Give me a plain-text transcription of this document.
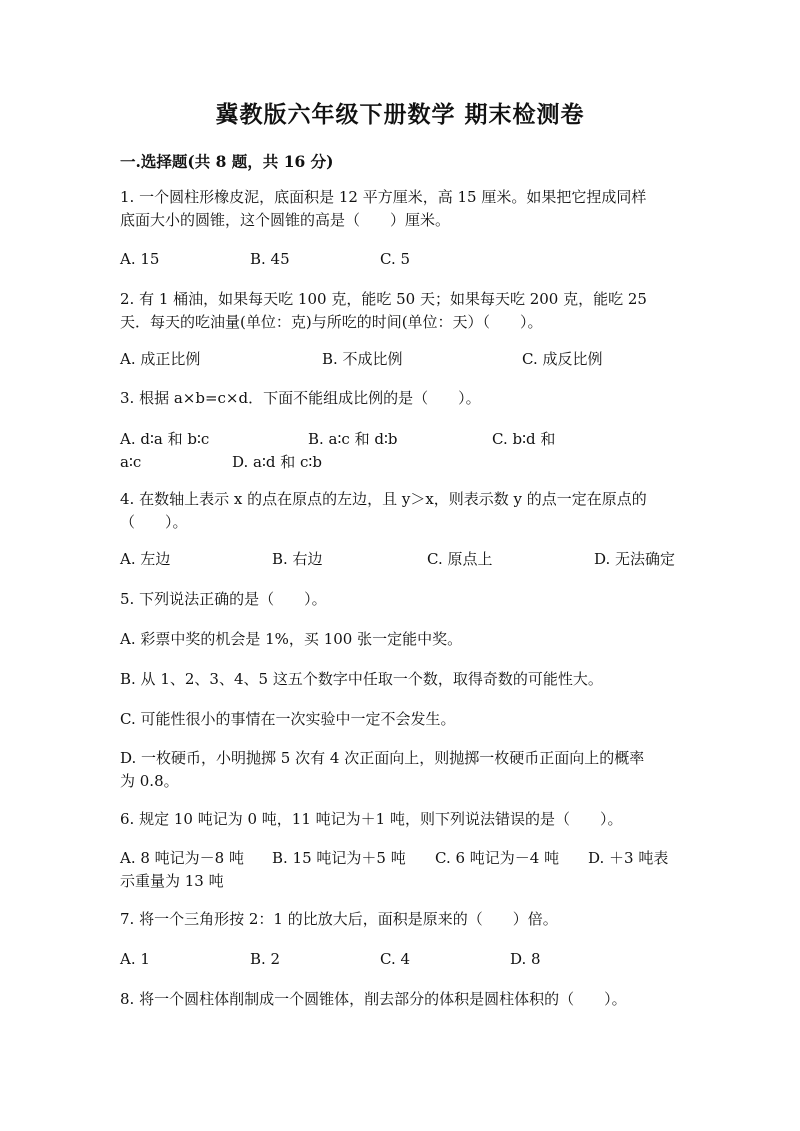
冀教版六年级下册数学 期末检测卷
一.选择题(共 8 题，共 16 分)
1. 一个圆柱形橡皮泥，底面积是 12 平方厘米，高 15 厘米。如果把它捏成同样
底面大小的圆锥，这个圆锥的高是（　　）厘米。
A. 15	B. 45	C. 5
2. 有 1 桶油，如果每天吃 100 克，能吃 50 天；如果每天吃 200 克，能吃 25
天．每天的吃油量(单位：克)与所吃的时间(单位：天）（　　）。
A. 成正比例	B. 不成比例	C. 成反比例
3. 根据 a×b=c×d．下面不能组成比例的是（　　）。
A. d∶a 和 b∶c	B. a∶c 和 d∶b	C. b∶d 和
a∶c	D. a∶d 和 c∶b
4. 在数轴上表示 x 的点在原点的左边，且 y＞x，则表示数 y 的点一定在原点的
（　　）。
A. 左边	B. 右边	C. 原点上	D. 无法确定
5. 下列说法正确的是（　　）。
A. 彩票中奖的机会是 1%，买 100 张一定能中奖。
B. 从 1、2、3、4、5 这五个数字中任取一个数，取得奇数的可能性大。
C. 可能性很小的事情在一次实验中一定不会发生。
D. 一枚硬币，小明抛掷 5 次有 4 次正面向上，则抛掷一枚硬币正面向上的概率
为 0.8。
6. 规定 10 吨记为 0 吨，11 吨记为＋1 吨，则下列说法错误的是（　　）。
A. 8 吨记为－8 吨 B. 15 吨记为＋5 吨 C. 6 吨记为－4 吨 D. ＋3 吨表
示重量为 13 吨
7. 将一个三角形按 2：1 的比放大后，面积是原来的（　　）倍。
A. 1	B. 2	C. 4	D. 8
8. 将一个圆柱体削制成一个圆锥体，削去部分的体积是圆柱体积的（　　）。
